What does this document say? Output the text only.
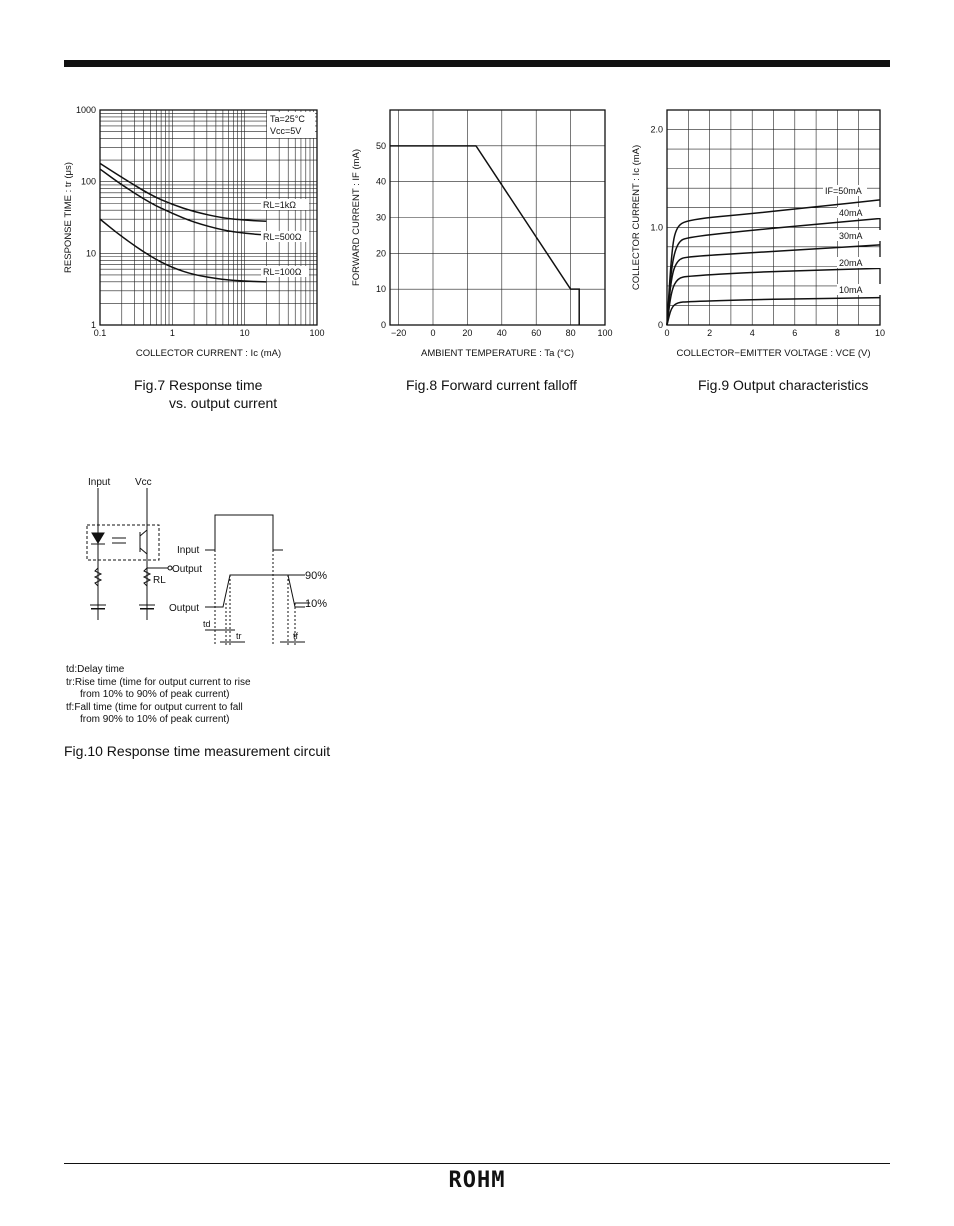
0.1	1	10	100
1
10
100
1000
RL=1kΩ
RL=500Ω
RL=100Ω
COLLECTOR CURRENT : Ic (mA)
RESPONSE TIME : tr (μs)
Ta=25°C
Vcc=5V
−20	0	20	40	60	80 100
0
10
20
30
40
50
AMBIENT TEMPERATURE : Ta (°C)
FORWARD CURRENT : IF (mA)
0	2	4	6	8	10
0
1.0
2.0
IF=50mA
40mA
30mA
20mA
10mA
COLLECTOR−EMITTER VOLTAGE : VCE (V)
COLLECTOR CURRENT : Ic (mA)
Fig.7 Response time
vs. output current
Fig.8 Forward current falloff	Fig.9 Output characteristics
Input Vcc
Output
RL
Input
Output
90%
10%
td
tr	tf
td:Delay time
tr:Rise time (time for output current to rise
from 10% to 90% of peak current)
tf:Fall time (time for output current to fall
from 90% to 10% of peak current)
Fig.10 Response time measurement circuit
ROHM
